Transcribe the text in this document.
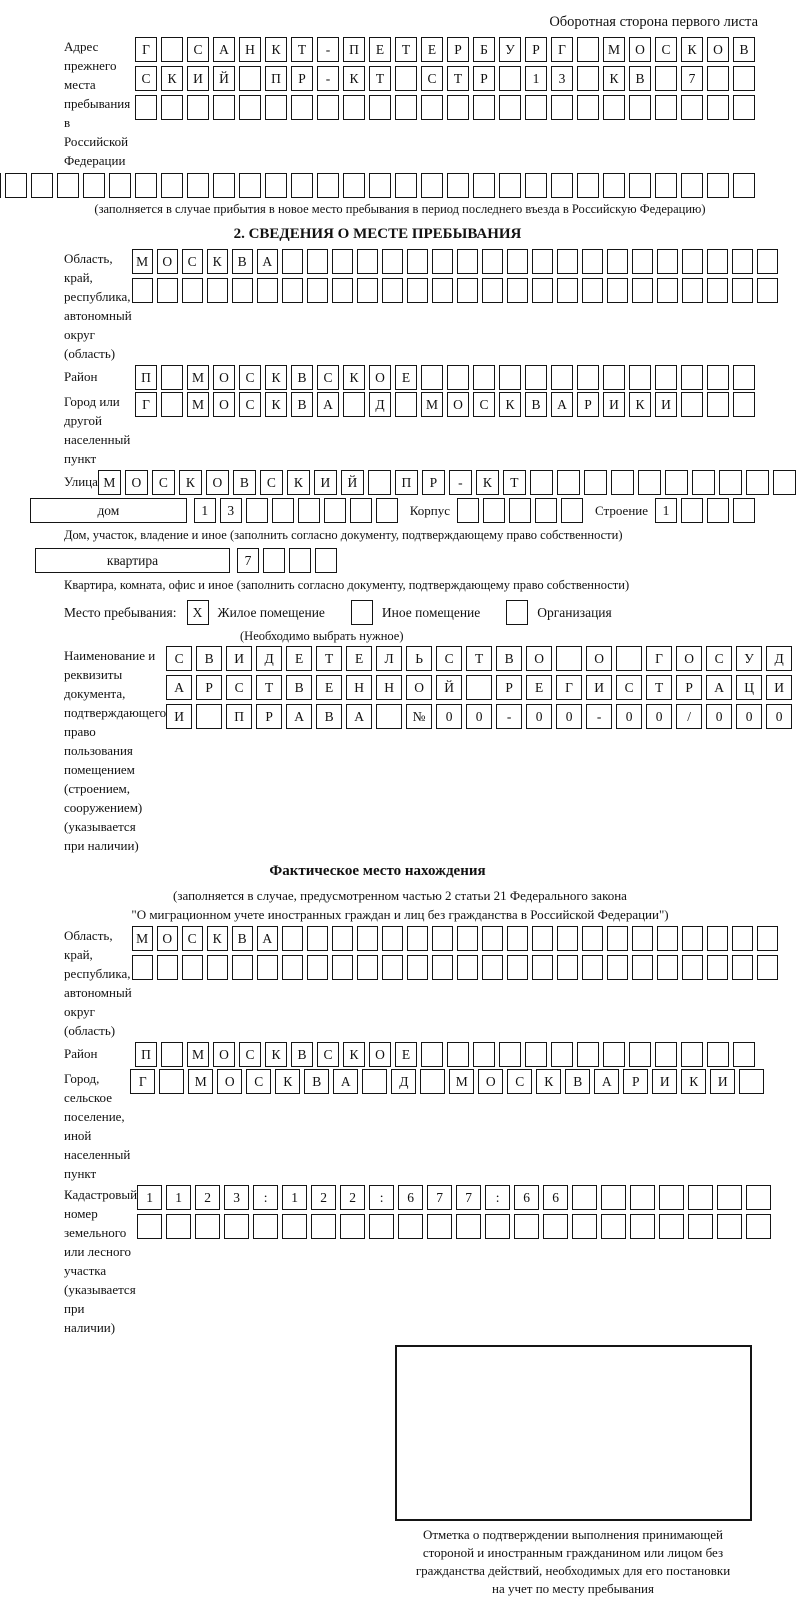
Оборотная сторона первого листа
Адрес прежнего
места пребывания
в Российской
Федерации
Г	С	А	Н	К	Т	-	П	Е	Т	Е	Р	Б	У	Р	Г	М	О	С	К	О	В
С	К	И	Й	П	Р	-	К	Т	С	Т	Р	1	3	К	В	7
(заполняется в случае прибытия в новое место пребывания в период последнего въезда в Российскую Федерацию)
2. СВЕДЕНИЯ О МЕСТЕ ПРЕБЫВАНИЯ
Область, край,
республика,
автономный
округ (область)
М	О	С	К	В	А
Район	П	М	О	С	К	В	С	К	О	Е
Город или другой
населенный пункт
Г	М	О	С	К	В	А	Д	М	О	С	К	В	А	Р	И	К	И
Улица М	О	С	К	О	В	С	К	И	Й	П	Р	-	К	Т
дом	1	3	Корпус	Строение	1
Дом, участок, владение и иное (заполнить согласно документу, подтверждающему право собственности)
квартира	7
Квартира, комната, офис и иное (заполнить согласно документу, подтверждающему право собственности)
Место пребывания:	X	Жилое помещение	Иное помещение	Организация
(Необходимо выбрать нужное)
Наименование и реквизиты
документа, подтверждающего
право пользования
помещением (строением,
сооружением) (указывается
при наличии)
С	В	И	Д	Е	Т	Е	Л	Ь	С	Т	В	О	О	Г	О	С	У	Д
А	Р	С	Т	В	Е	Н	Н	О	Й	Р	Е	Г	И	С	Т	Р	А	Ц	И
И	П	Р	А	В	А	№	0	0	-	0	0	-	0	0	/	0	0	0
Фактическое место нахождения
(заполняется в случае, предусмотренном частью 2 статьи 21 Федерального закона
"О миграционном учете иностранных граждан и лиц без гражданства в Российской Федерации")
Область, край,
республика,
автономный округ
(область)
М	О	С	К	В	А
Район	П	М	О	С	К	В	С	К	О	Е
Город, сельское поселение,
иной населенный пункт
Г	М	О	С	К	В	А	Д	М	О	С	К	В	А	Р	И	К	И
Кадастровый номер
земельного или лесного
участка (указывается
при наличии)
1	1	2	3	:	1	2	2	:	6	7	7	:	6	6
Отметка о подтверждении выполнения принимающей
стороной и иностранным гражданином или лицом без
гражданства действий, необходимых для его постановки
на учет по месту пребывания
